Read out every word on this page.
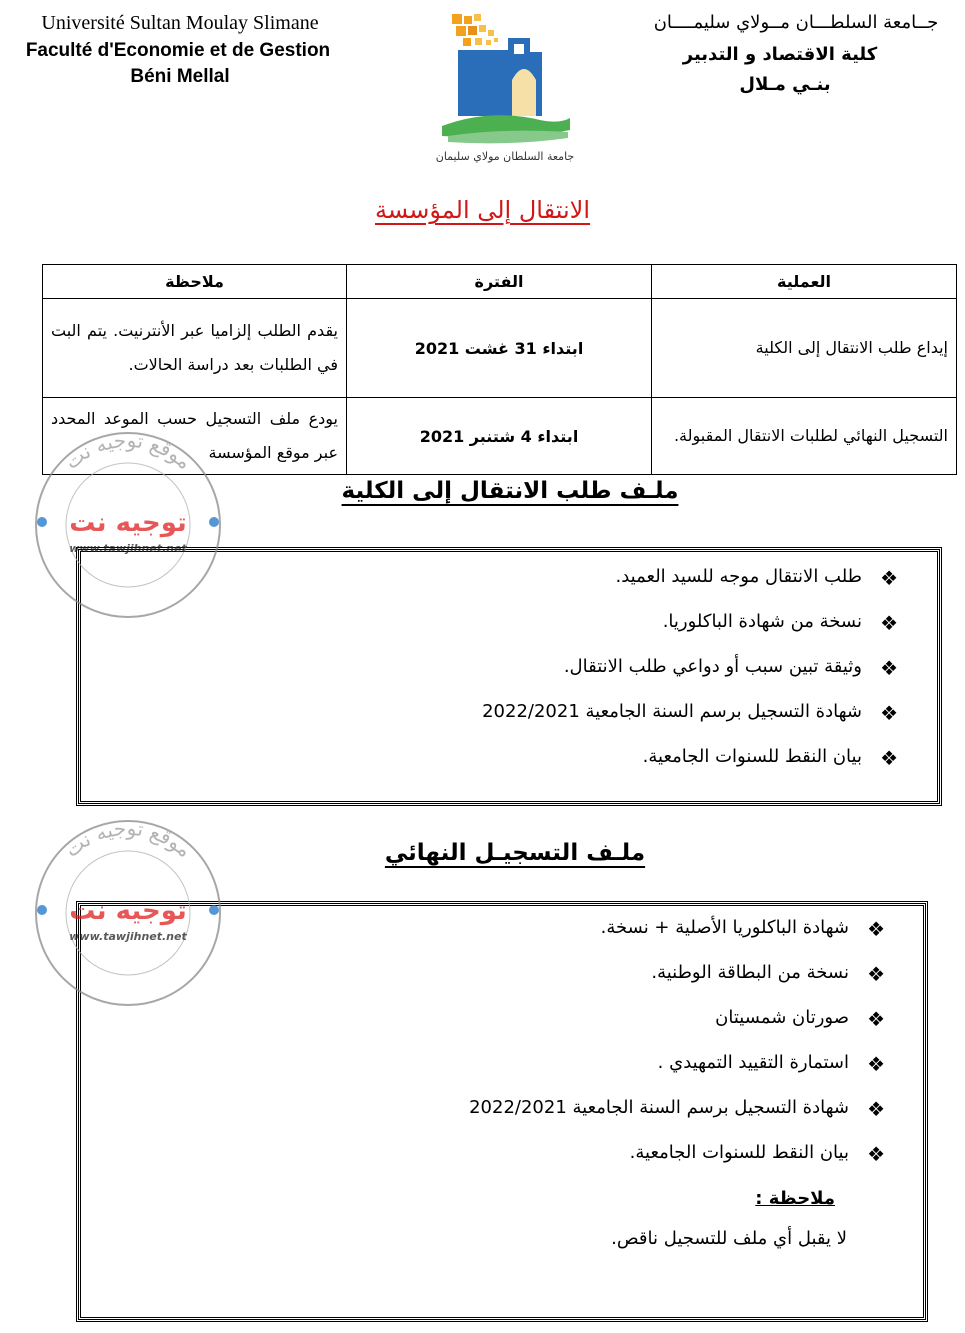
Université Sultan Moulay Slimane
Faculté d'Economie et de Gestion
Béni Mellal
جامعة السلطان مولاي سليمان
جــامعة السلطـــان مــولاي سليمــــان
كلية الاقتصاد و التدبير
بنـي مـلال
الانتقال إلى المؤسسة
العملية	الفترة	ملاحظة
إيداع طلب الانتقال إلى الكلية	ابتداء 31 غشت 2021	يقدم الطلب إلزاميا عبر الأنترنيت. يتم البت في الطلبات بعد دراسة الحالات.
التسجيل النهائي لطلبات الانتقال المقبولة.	ابتداء 4 شتنبر 2021	يودع ملف التسجيل حسب الموعد المحدد عبر موقع المؤسسة
ملـف طلب الانتقال إلى الكلية
❖
طلب الانتقال موجه للسيد العميد.
❖
نسخة من شهادة الباكلوريا.
❖
وثيقة تبين سبب أو دواعي طلب الانتقال.
❖
شهادة التسجيل برسم السنة الجامعية 2022/2021
❖
بيان النقط للسنوات الجامعية.
ملـف التسجيـل النهائي
❖
شهادة الباكلوريا الأصلية + نسخة.
❖
نسخة من البطاقة الوطنية.
❖
صورتان شمسيتان
❖
استمارة التقييد التمهيدي .
❖
شهادة التسجيل برسم السنة الجامعية 2022/2021
❖
بيان النقط للسنوات الجامعية.
ملاحظة :
لا يقبل أي ملف للتسجيل ناقص.
موقع توجيه نت
توجيه نت
www.tawjihnet.net
موقع توجيه نت
توجيه نت
www.tawjihnet.net
